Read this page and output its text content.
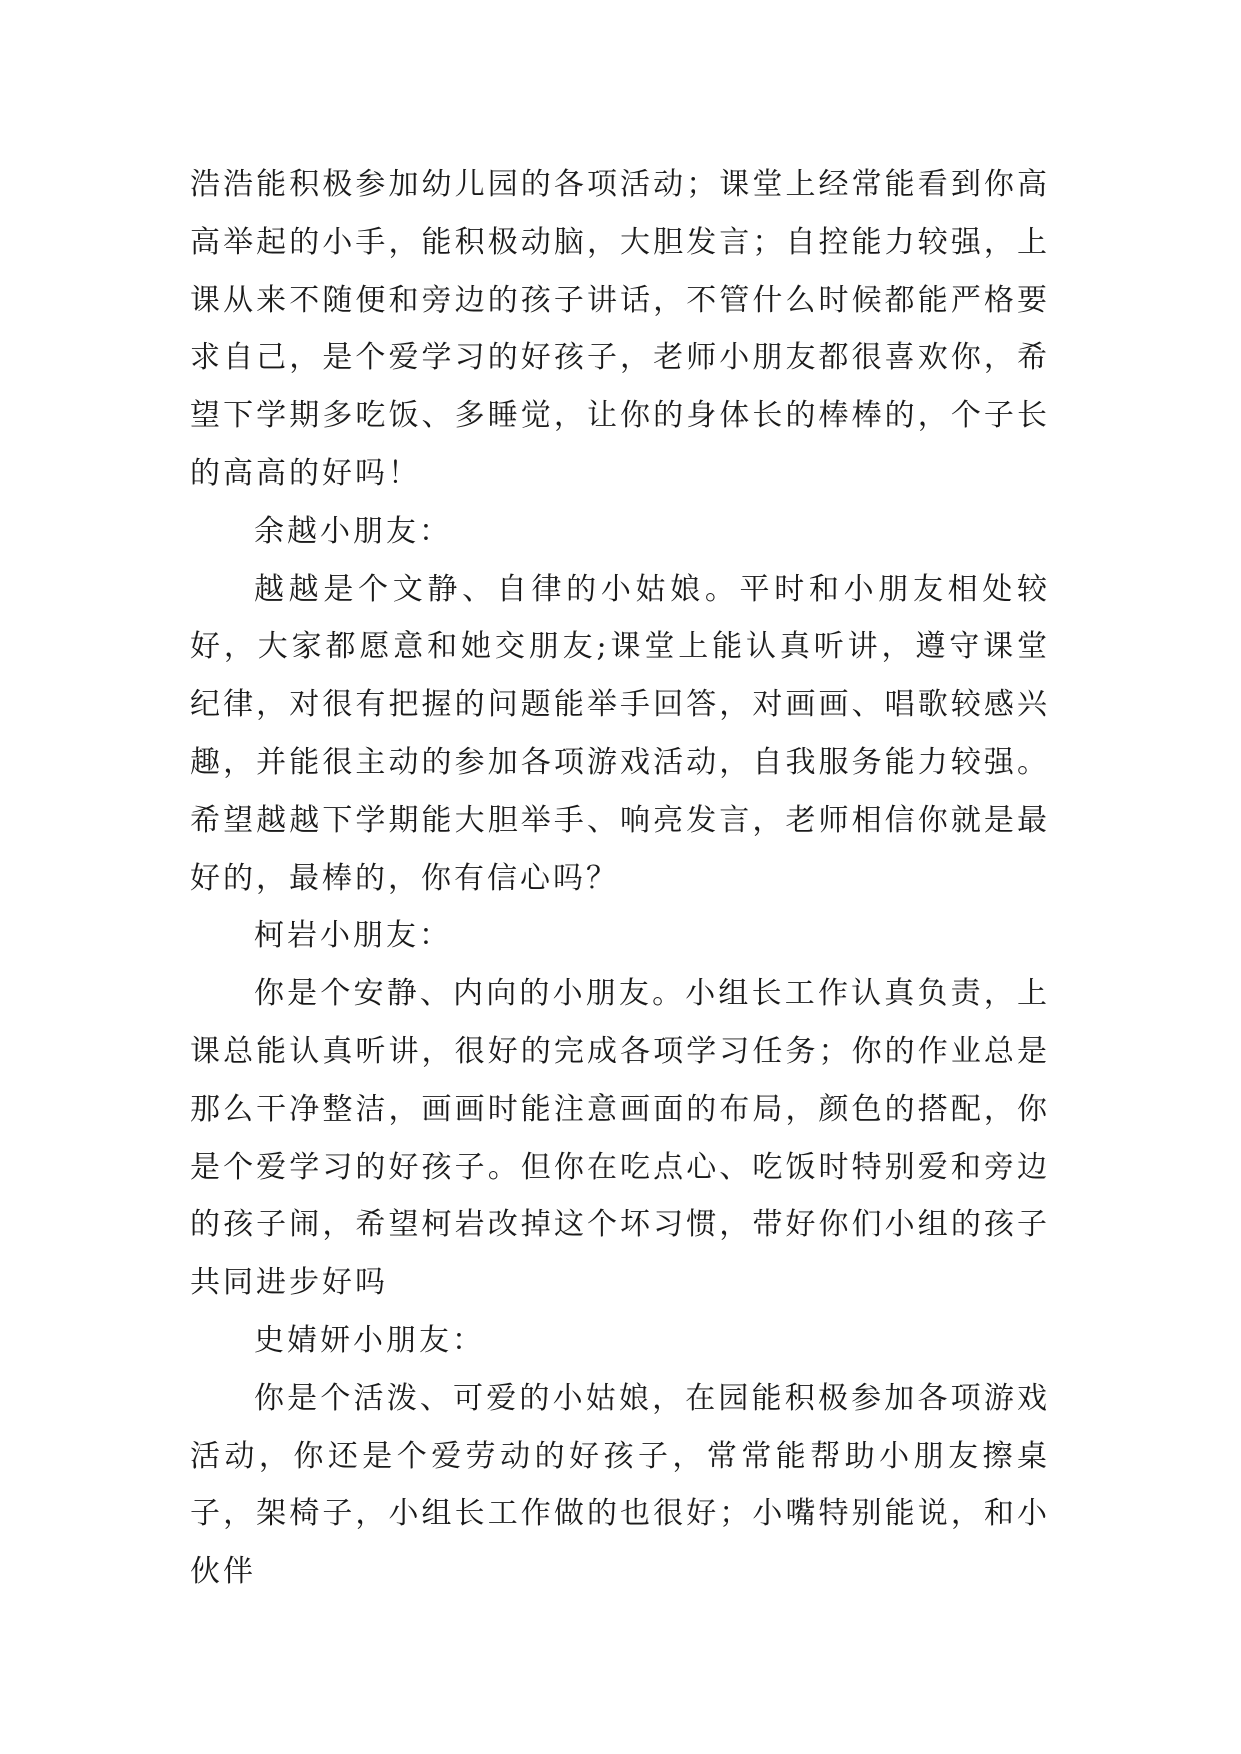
浩浩能积极参加幼儿园的各项活动；课堂上经常能看到你高高举起的小手，能积极动脑，大胆发言；自控能力较强，上课从来不随便和旁边的孩子讲话，不管什么时候都能严格要求自己，是个爱学习的好孩子，老师小朋友都很喜欢你，希望下学期多吃饭、多睡觉，让你的身体长的棒棒的，个子长的高高的好吗！

余越小朋友：

越越是个文静、自律的小姑娘。平时和小朋友相处较好，大家都愿意和她交朋友;课堂上能认真听讲，遵守课堂纪律，对很有把握的问题能举手回答，对画画、唱歌较感兴趣，并能很主动的参加各项游戏活动，自我服务能力较强。希望越越下学期能大胆举手、响亮发言，老师相信你就是最好的，最棒的，你有信心吗？

柯岩小朋友：

你是个安静、内向的小朋友。小组长工作认真负责，上课总能认真听讲，很好的完成各项学习任务；你的作业总是那么干净整洁，画画时能注意画面的布局，颜色的搭配，你是个爱学习的好孩子。但你在吃点心、吃饭时特别爱和旁边的孩子闹，希望柯岩改掉这个坏习惯，带好你们小组的孩子共同进步好吗

史婧妍小朋友：

你是个活泼、可爱的小姑娘，在园能积极参加各项游戏活动，你还是个爱劳动的好孩子，常常能帮助小朋友擦桌子，架椅子，小组长工作做的也很好；小嘴特别能说，和小伙伴
